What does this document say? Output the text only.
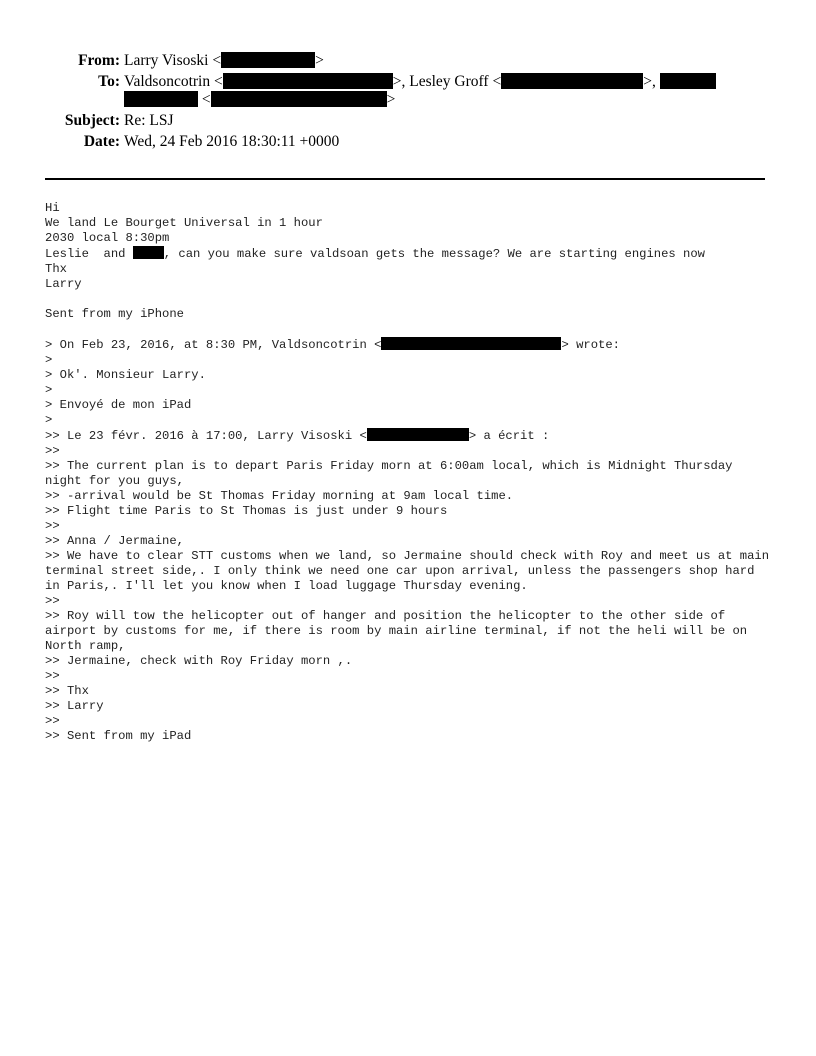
From: Larry Visoski <	>
To: Valdsoncotrin <	>, Lesley Groff <	>,
<	>
Subject: Re: LSJ
Date: Wed, 24 Feb 2016 18:30:11 +0000
Hi
We land Le Bourget Universal in 1 hour
2030 local 8:30pm
Leslie  and	, can you make sure valdsoan gets the message? We are starting engines now
Thx
Larry
Sent from my iPhone
> On Feb 23, 2016, at 8:30 PM, Valdsoncotrin <	> wrote:
>
> Ok'. Monsieur Larry.
>
> Envoyé de mon iPad
>
>> Le 23 févr. 2016 à 17:00, Larry Visoski <	> a écrit :
>>
>> The current plan is to depart Paris Friday morn at 6:00am local, which is Midnight Thursday night for you guys,
>> -arrival would be St Thomas Friday morning at 9am local time.
>> Flight time Paris to St Thomas is just under 9 hours
>>
>> Anna / Jermaine,
>> We have to clear STT customs when we land, so Jermaine should check with Roy and meet us at main terminal street side,. I only think we need one car upon arrival, unless the passengers shop hard in Paris,. I'll let you know when I load luggage Thursday evening.
>>
>> Roy will tow the helicopter out of hanger and position the helicopter to the other side of airport by customs for me, if there is room by main airline terminal, if not the heli will be on North ramp,
>> Jermaine, check with Roy Friday morn ,.
>>
>> Thx
>> Larry
>>
>> Sent from my iPad
